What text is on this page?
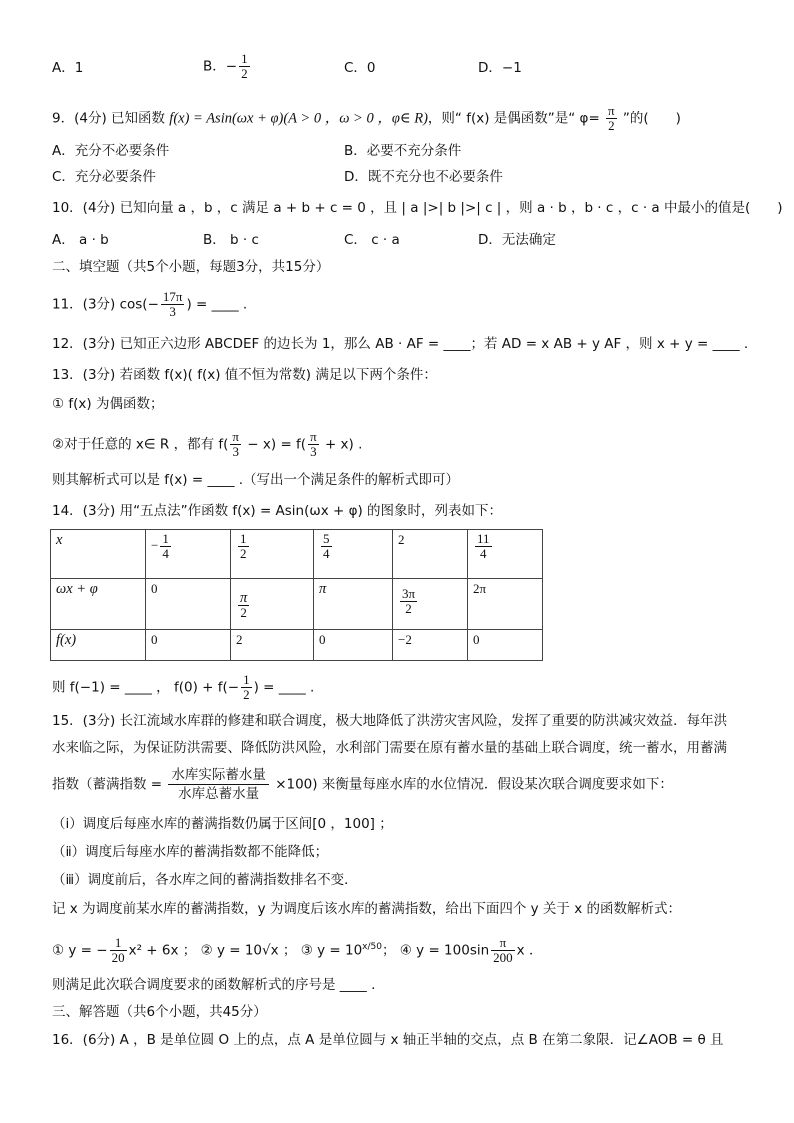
A．1	B．− $\frac{1}{2}$	C．0	D．−1
9．(4分) 已知函数 f(x) = Asin(ωx + φ)(A > 0 ，ω > 0 ，φ∈ R)，则“ f(x) 是偶函数”是“ $\varphi= \frac{\pi}{2}$ ”的(　　)
A．充分不必要条件	B．必要不充分条件
C．充分必要条件	D．既不充分也不必要条件
10．(4分) 已知向量 a ，b ，c 满足 a + b + c = 0 ，且 | a |>| b |>| c | ，则 a · b ，b · c ，c · a 中最小的值是(　　)
A． a · b	B． b · c	C． c · a	D．无法确定
二、填空题（共5个小题，每题3分，共15分）
11．(3分) $\cos(- \frac{17\pi}{3}$ ) = ____ .
12．(3分) 已知正六边形 ABCDEF 的边长为 1，那么 AB · AF = ____；若 AD = x AB + y AF ，则 x + y = ____ .
13．(3分) 若函数 f(x)( f(x) 值不恒为常数) 满足以下两个条件：
① f(x) 为偶函数；
②对于任意的 x∈ R ，都有 $f( \frac{\pi}{3} - x) = f( \frac{\pi}{3} + x)$ .
则其解析式可以是 f(x) = ____ .（写出一个满足条件的解析式即可）
14．(3分) 用“五点法”作函数 f(x) = Asin(ωx + φ) 的图象时，列表如下：
x	− $\frac{1}{4}$	$\frac{1}{2}$	$\frac{5}{4}$	2	$\frac{11}{4}$

ωx + φ	0	$\frac{\pi}{2}$	π	$\frac{3\pi}{2}$	2π
f(x)	0	2	0	−2	0
则 f(−1) = ____ ， $f(0) + f(- \frac{1}{2}$ ) = ____ .
15．(3分) 长江流域水库群的修建和联合调度，极大地降低了洪涝灾害风险，发挥了重要的防洪减灾效益．每年洪
水来临之际，为保证防洪需要、降低防洪风险，水利部门需要在原有蓄水量的基础上联合调度，统一蓄水，用蓄满
指数（蓄满指数 =
水库实际蓄水量
水库总蓄水量
×100) 来衡量每座水库的水位情况．假设某次联合调度要求如下：
（ⅰ）调度后每座水库的蓄满指数仍属于区间[0 ，100] ；
（ⅱ）调度后每座水库的蓄满指数都不能降低；
（ⅲ）调度前后，各水库之间的蓄满指数排名不变．
记 x 为调度前某水库的蓄满指数，y 为调度后该水库的蓄满指数，给出下面四个 y 关于 x 的函数解析式：
① y = − $\frac{1}{20} x^2 + 6x$ ； ② y = 10√x ； ③ $y = 10^{x/50}$； ④ $y = 100\sin \frac{\pi}{200}$ x ．
则满足此次联合调度要求的函数解析式的序号是 ____ .
三、解答题（共6个小题，共45分）
16．(6分) A ，B 是单位圆 O 上的点，点 A 是单位圆与 x 轴正半轴的交点，点 B 在第二象限．记∠AOB = θ 且
